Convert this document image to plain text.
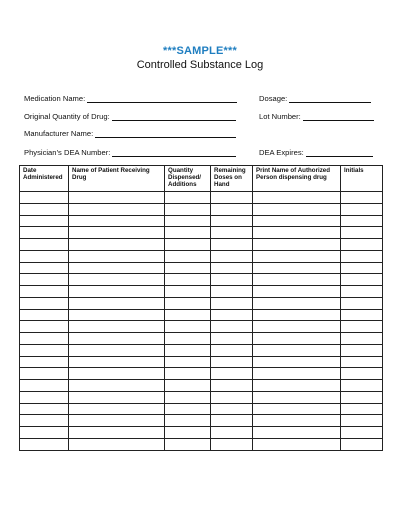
***SAMPLE***
Controlled Substance Log
Medication Name:	Dosage:
Original Quantity of Drug:	Lot Number:
Manufacturer Name:
Physician’s DEA Number:	DEA Expires:
Date Administered	Name of Patient Receiving Drug	Quantity Dispensed/ Additions	Remaining Doses on Hand	Print Name of Authorized Person dispensing drug	Initials
